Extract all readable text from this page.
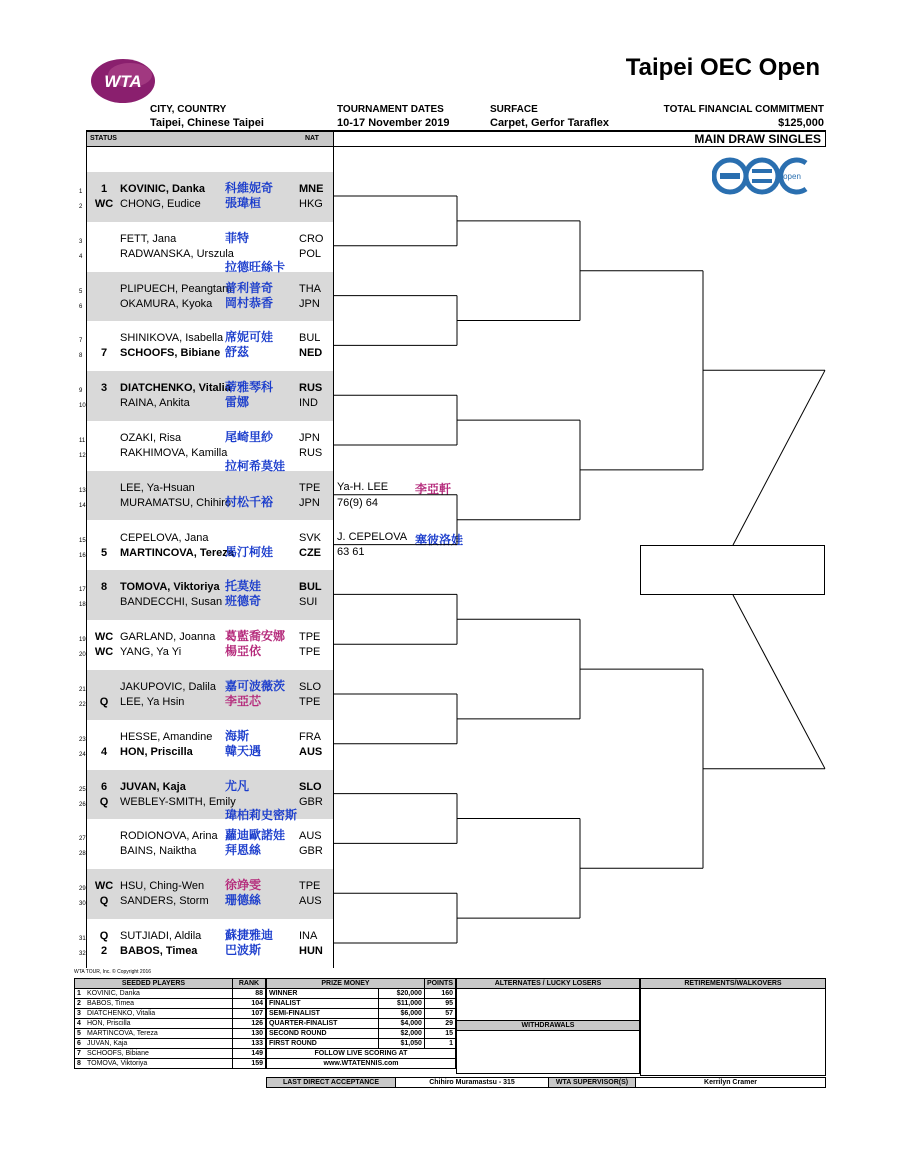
WTA
Taipei OEC Open
CITY, COUNTRY
Taipei, Chinese Taipei
TOURNAMENT DATES
10-17 November 2019
SURFACE
Carpet, Gerfor Taraflex
TOTAL FINANCIAL COMMITMENT
$125,000
STATUS	NAT	MAIN DRAW SINGLES
open
1	1	KOVINIC, Danka	MNE
科維妮奇
2 WC CHONG, Eudice	HKG
張瑋桓
3	FETT, Jana	CRO
菲特
4	RADWANSKA, Urszula	POL
拉德旺絲卡
5	PLIPUECH, Peangtarn	THA
普利普奇
6	OKAMURA, Kyoka	JPN
岡村恭香
7	SHINIKOVA, Isabella	BUL
席妮可娃
8	7	SCHOOFS, Bibiane	NED
舒茲
9	3	DIATCHENKO, Vitalia	RUS
蒂雅琴科
10	RAINA, Ankita	IND
雷娜
11	OZAKI, Risa	JPN
尾崎里紗
12	RAKHIMOVA, Kamilla	RUS
拉柯希莫娃
13	LEE, Ya-Hsuan	TPE
14	MURAMATSU, Chihiro	JPN
村松千裕
15	CEPELOVA, Jana	SVK
16	5	MARTINCOVA, Tereza	CZE
馬汀柯娃
17	8	TOMOVA, Viktoriya	BUL
托莫娃
18	BANDECCHI, Susan	SUI
班德奇
19 WC GARLAND, Joanna	TPE
葛藍喬安娜
20 WC YANG, Ya Yi	TPE
楊亞依
21	JAKUPOVIC, Dalila	SLO
嘉可波薇茨
22	Q	LEE, Ya Hsin	TPE
李亞芯
23	HESSE, Amandine	FRA
海斯
24	4	HON, Priscilla	AUS
韓天遇
25	6	JUVAN, Kaja	SLO
尤凡
26	Q	WEBLEY-SMITH, Emily	GBR
瑋柏莉史密斯
27	RODIONOVA, Arina	AUS
蘿迪歐諾娃
28	BAINS, Naiktha	GBR
拜恩絲
29 WC HSU, Ching-Wen	TPE
徐竫雯
30	Q	SANDERS, Storm	AUS
珊德絲
31	Q	SUTJIADI, Aldila	INA
蘇捷雅迪
32	2	BABOS, Timea	HUN
巴波斯
Ya-H. LEE 李亞軒
76(9) 64
J. CEPELOVA 塞彼洛娃
63 61
WTA TOUR, Inc. © Copyright 2016
SEEDED PLAYERS		RANK
1	KOVINIC, Danka	88
2	BABOS, Timea	104
3	DIATCHENKO, Vitalia	107
4	HON, Priscilla	126
5	MARTINCOVA, Tereza	130
6	JUVAN, Kaja	133
7	SCHOOFS, Bibiane	149
8	TOMOVA, Viktoriya	159
PRIZE MONEY		POINTS
WINNER	$20,000	160
FINALIST	$11,000	95
SEMI-FINALIST	$6,000	57
QUARTER-FINALIST	$4,000	29
SECOND ROUND	$2,000	15
FIRST ROUND	$1,050	1
FOLLOW LIVE SCORING AT		
www.WTATENNIS.com		
ALTERNATES / LUCKY LOSERS

WITHDRAWALS

RETIREMENTS/WALKOVERS

LAST DIRECT ACCEPTANCE	Chihiro Muramastsu - 315	WTA SUPERVISOR(S)	Kerrilyn Cramer
